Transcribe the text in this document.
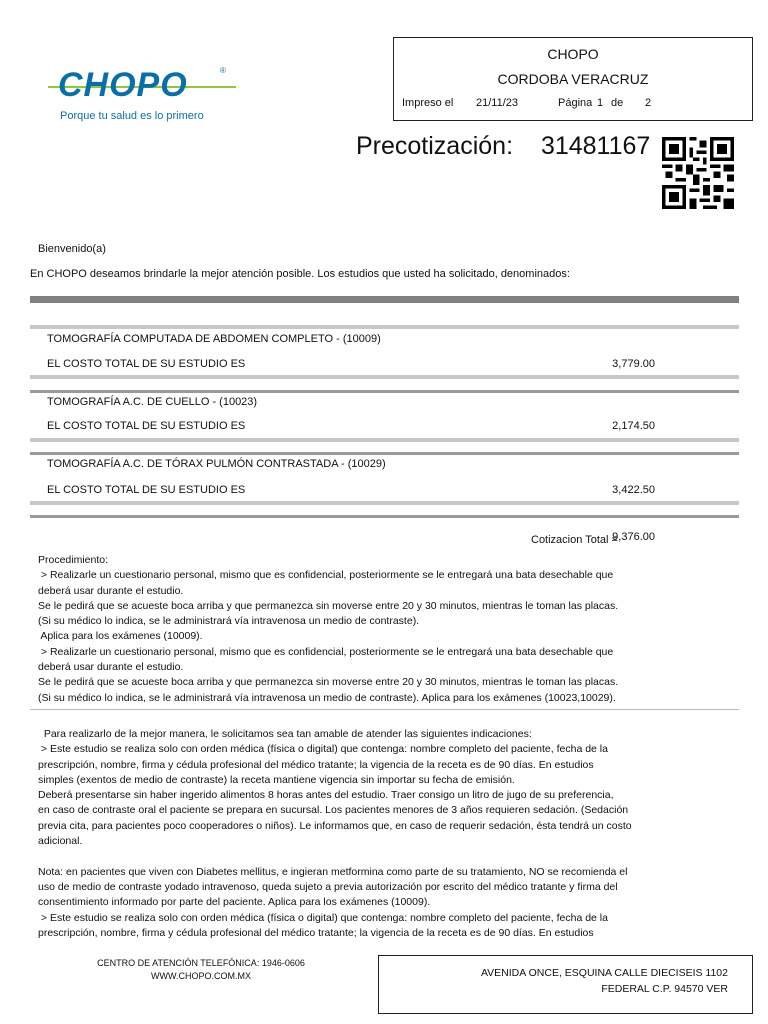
CHOPO	®
Porque tu salud es lo primero
CHOPO
CORDOBA VERACRUZ
Impreso el 21/11/23	Página 1 de 2
Precotización: 31481167
Bienvenido(a)
En CHOPO deseamos brindarle la mejor atención posible. Los estudios que usted ha solicitado, denominados:
TOMOGRAFÍA COMPUTADA DE ABDOMEN COMPLETO - (10009)
EL COSTO TOTAL DE SU ESTUDIO ES	3,779.00
TOMOGRAFÍA A.C. DE CUELLO - (10023)
EL COSTO TOTAL DE SU ESTUDIO ES	2,174.50
TOMOGRAFÍA A.C. DE TÓRAX PULMÓN CONTRASTADA - (10029)
EL COSTO TOTAL DE SU ESTUDIO ES	3,422.50
Cotizacion Total =
9,376.00
Procedimiento:
> Realizarle un cuestionario personal, mismo que es confidencial, posteriormente se le entregará una bata desechable que
deberá usar durante el estudio.
Se le pedirá que se acueste boca arriba y que permanezca sin moverse entre 20 y 30 minutos, mientras le toman las placas.
(Si su médico lo indica, se le administrará vía intravenosa un medio de contraste).
Aplica para los exámenes (10009).
> Realizarle un cuestionario personal, mismo que es confidencial, posteriormente se le entregará una bata desechable que
deberá usar durante el estudio.
Se le pedirá que se acueste boca arriba y que permanezca sin moverse entre 20 y 30 minutos, mientras le toman las placas.
(Si su médico lo indica, se le administrará vía intravenosa un medio de contraste). Aplica para los exámenes (10023,10029).
Para realizarlo de la mejor manera, le solicitamos sea tan amable de atender las siguientes indicaciones:
> Este estudio se realiza solo con orden médica (física o digital) que contenga: nombre completo del paciente, fecha de la
prescripción, nombre, firma y cédula profesional del médico tratante; la vigencia de la receta es de 90 días. En estudios
simples (exentos de medio de contraste) la receta mantiene vigencia sin importar su fecha de emisión.
Deberá presentarse sin haber ingerido alimentos 8 horas antes del estudio. Traer consigo un litro de jugo de su preferencia,
en caso de contraste oral el paciente se prepara en sucursal. Los pacientes menores de 3 años requieren sedación. (Sedación
previa cita, para pacientes poco cooperadores o niños). Le informamos que, en caso de requerir sedación, ésta tendrá un costo
adicional.

Nota: en pacientes que viven con Diabetes mellitus, e ingieran metformina como parte de su tratamiento, NO se recomienda el
uso de medio de contraste yodado intravenoso, queda sujeto a previa autorización por escrito del médico tratante y firma del
consentimiento informado por parte del paciente. Aplica para los exámenes (10009).
> Este estudio se realiza solo con orden médica (física o digital) que contenga: nombre completo del paciente, fecha de la
prescripción, nombre, firma y cédula profesional del médico tratante; la vigencia de la receta es de 90 días. En estudios
CENTRO DE ATENCIÓN TELEFÓNICA: 1946-0606
WWW.CHOPO.COM.MX	AVENIDA ONCE, ESQUINA CALLE DIECISEIS 1102
FEDERAL C.P. 94570 VER
